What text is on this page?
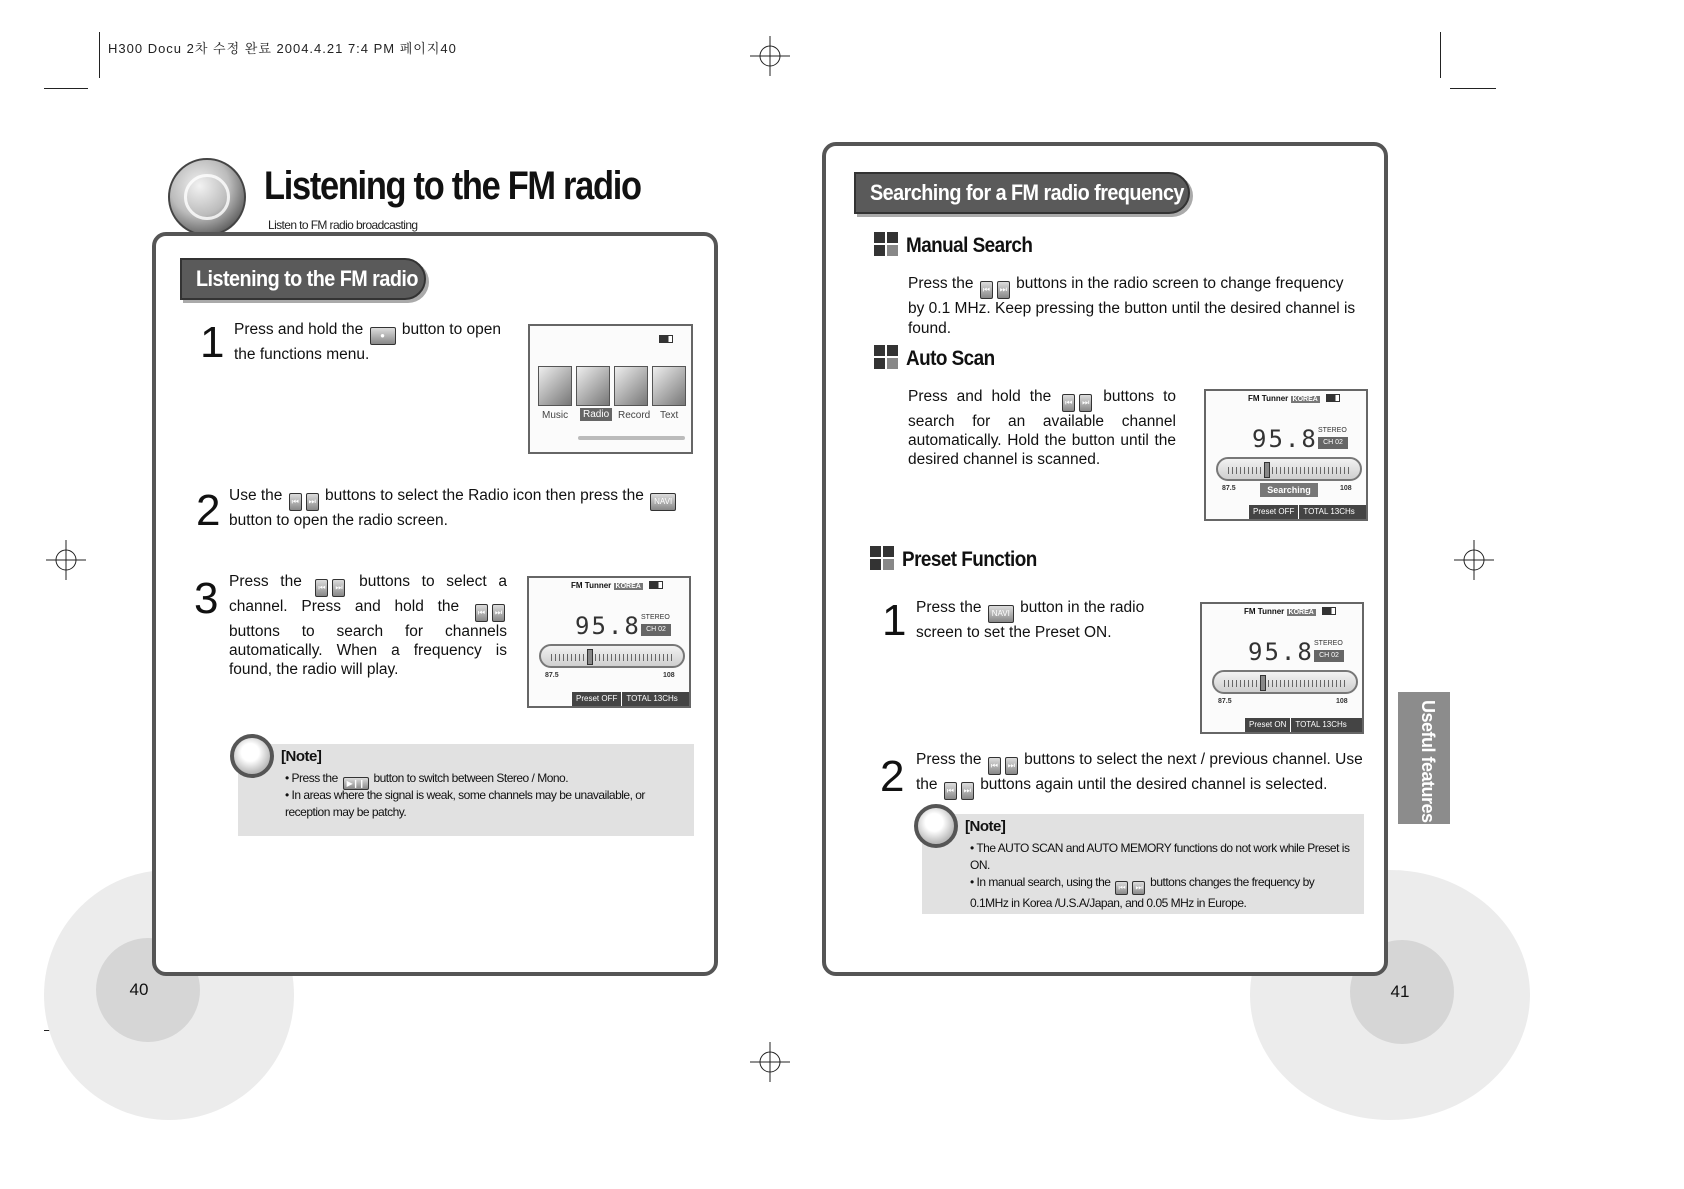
H300 Docu 2차 수정 완료 2004.4.21 7:4 PM 페이지40
Listening to the FM radio
Listen to FM radio broadcasting
Listening to the FM radio
1 Press and hold the ● button to open the functions menu.
Music	Radio Record Text
2 Use the ⏮ ⏭ buttons to select the Radio icon then press the NAVI button to open the radio screen.
3 Press the ⏮ ⏭ buttons to select a channel. Press and hold the ⏮ ⏭ buttons to search for channels automatically. When a frequency is found, the radio will play.
FM Tunner KOREA
95.8 STEREO
CH 02
87.5	108
Preset OFF TOTAL 13CHs
[Note]
• Press the ▶❙❙ button to switch between Stereo / Mono.
• In areas where the signal is weak, some channels may be unavailable, or reception may be patchy.
40
Searching for a FM radio frequency
Manual Search
Press the ⏮ ⏭ buttons in the radio screen to change frequency by 0.1 MHz. Keep pressing the button until the desired channel is found.
Auto Scan
Press and hold the ⏮ ⏭ buttons to search for an available channel automatically. Hold the button until the desired channel is scanned.
FM Tunner KOREA
95.8 STEREO
CH 02
87.5	Searching	108
Preset OFF TOTAL 13CHs
Preset Function
1 Press the NAVI button in the radio screen to set the Preset ON.
FM Tunner KOREA
95.8 STEREO
CH 02
87.5	108
Preset ON TOTAL 13CHs
2 Press the ⏮ ⏭ buttons to select the next / previous channel. Use the ⏮ ⏭ buttons again until the desired channel is selected.
[Note]
• The AUTO SCAN and AUTO MEMORY functions do not work while Preset is ON.
• In manual search, using the ⏮ ⏭ buttons changes the frequency by 0.1MHz in Korea /U.S.A/Japan, and 0.05 MHz in Europe.
Useful features
41
